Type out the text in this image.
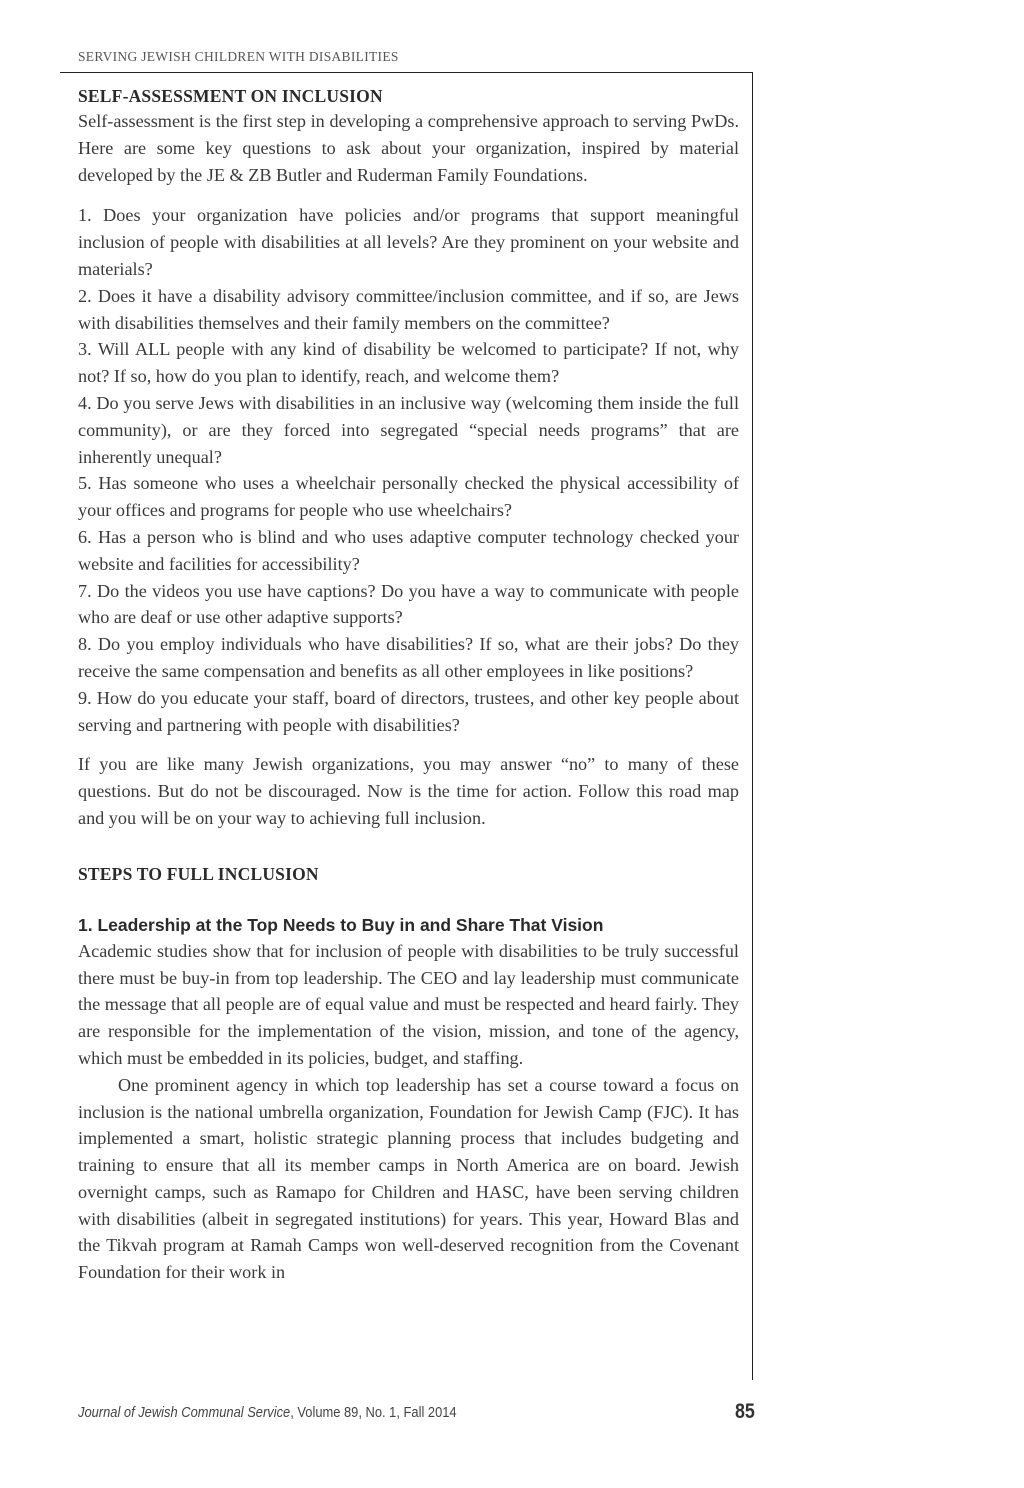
SERVING JEWISH CHILDREN WITH DISABILITIES
SELF-ASSESSMENT ON INCLUSION

Self-assessment is the first step in developing a comprehensive approach to serving PwDs. Here are some key questions to ask about your organization, inspired by material developed by the JE & ZB Butler and Ruderman Family Foundations.

1. Does your organization have policies and/or programs that support meaningful inclusion of people with disabilities at all levels? Are they prominent on your website and materials?
2. Does it have a disability advisory committee/inclusion committee, and if so, are Jews with disabilities themselves and their family members on the committee?
3. Will ALL people with any kind of disability be welcomed to participate? If not, why not? If so, how do you plan to identify, reach, and welcome them?
4. Do you serve Jews with disabilities in an inclusive way (welcoming them inside the full community), or are they forced into segregated “special needs programs” that are inherently unequal?
5. Has someone who uses a wheelchair personally checked the physical accessibility of your offices and programs for people who use wheelchairs?
6. Has a person who is blind and who uses adaptive computer technology checked your website and facilities for accessibility?
7. Do the videos you use have captions? Do you have a way to communicate with people who are deaf or use other adaptive supports?
8. Do you employ individuals who have disabilities? If so, what are their jobs? Do they receive the same compensation and benefits as all other employees in like positions?
9. How do you educate your staff, board of directors, trustees, and other key people about serving and partnering with people with disabilities?

If you are like many Jewish organizations, you may answer “no” to many of these questions. But do not be discouraged. Now is the time for action. Follow this road map and you will be on your way to achieving full inclusion.

STEPS TO FULL INCLUSION
1. Leadership at the Top Needs to Buy in and Share That Vision

Academic studies show that for inclusion of people with disabilities to be truly successful there must be buy-in from top leadership. The CEO and lay leadership must communicate the message that all people are of equal value and must be respected and heard fairly. They are responsible for the implementation of the vision, mission, and tone of the agency, which must be embedded in its policies, budget, and staffing.

One prominent agency in which top leadership has set a course toward a focus on inclusion is the national umbrella organization, Foundation for Jewish Camp (FJC). It has implemented a smart, holistic strategic planning process that includes budgeting and training to ensure that all its member camps in North America are on board. Jewish overnight camps, such as Ramapo for Children and HASC, have been serving children with disabilities (albeit in segregated institutions) for years. This year, Howard Blas and the Tikvah program at Ramah Camps won well-deserved recognition from the Covenant Foundation for their work in

Journal of Jewish Communal Service, Volume 89, No. 1, Fall 2014	85
